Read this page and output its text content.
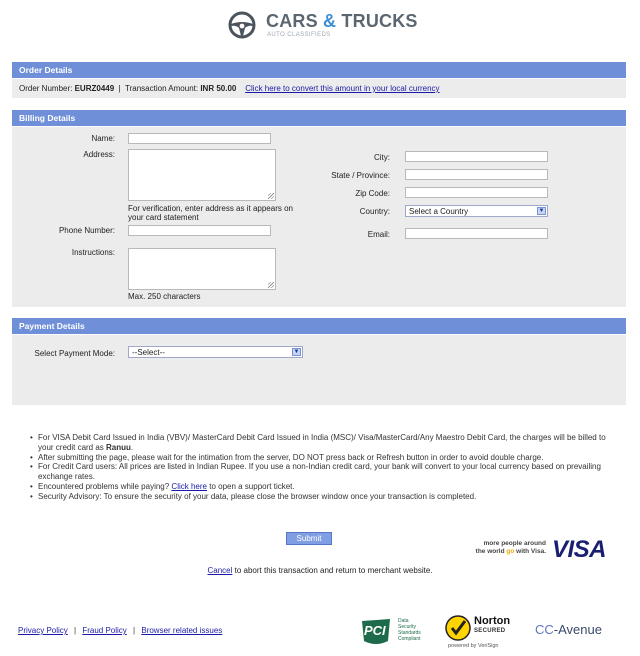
CARS & TRUCKS
AUTO CLASSIFIEDS
Order Details
Order Number: EURZ0449 | Transaction Amount: INR 50.00 Click here to convert this amount in your local currency
Billing Details
Name:
Address:
For verification, enter address as it appears on your card statement
Phone Number:
Instructions:
Max. 250 characters
City:
State / Province:
Zip Code:
Country:	Select a Country	▼
Email:
Payment Details
Select Payment Mode:	--Select--	▼
• For VISA Debit Card Issued in India (VBV)/ MasterCard Debit Card Issued in India (MSC)/ Visa/MasterCard/Any Maestro Debit Card, the charges will be billed to your credit card as Ranuu.
• After submitting the page, please wait for the intimation from the server, DO NOT press back or Refresh button in order to avoid double charge.
• For Credit Card users: All prices are listed in Indian Rupee. If you use a non-Indian credit card, your bank will convert to your local currency based on prevailing exchange rates.
• Encountered problems while paying? Click here to open a support ticket.
• Security Advisory: To ensure the security of your data, please close the browser window once your transaction is completed.
Submit
more people around
the world go with Visa. VISA
Cancel to abort this transaction and return to merchant website.
Privacy Policy | Fraud Policy | Browser related issues	PCI
Data
Security
Standards
Compliant
Norton
SECURED
powered by VeriSign
CC-Avenue
